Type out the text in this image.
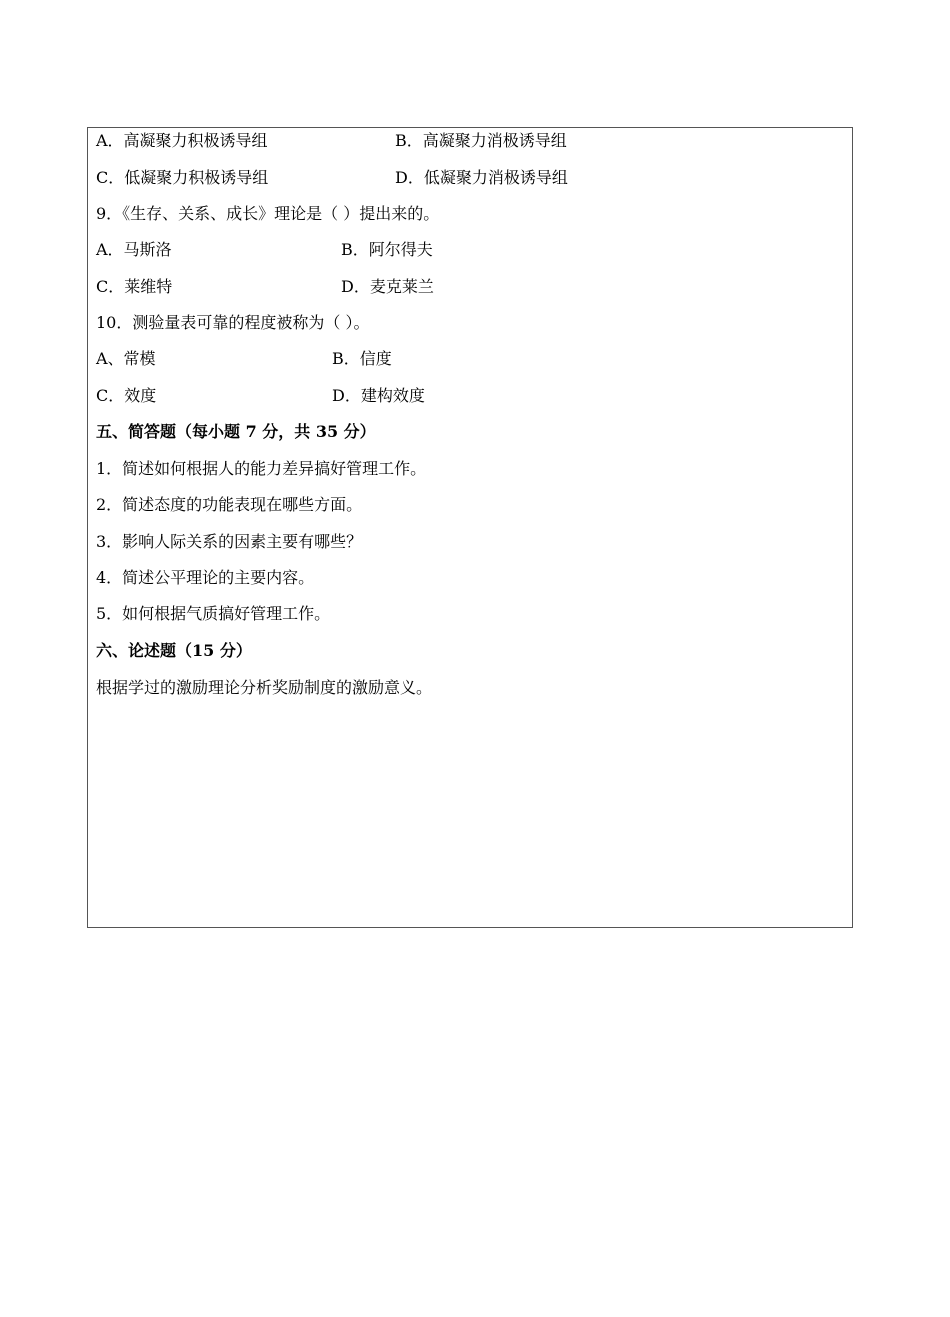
A．高凝聚力积极诱导组	B．高凝聚力消极诱导组
C．低凝聚力积极诱导组	D．低凝聚力消极诱导组
9．《生存、关系、成长》理论是（ ）提出来的。
A．马斯洛	B．阿尔得夫
C．莱维特	D．麦克莱兰
10．测验量表可靠的程度被称为（ ）。
A、常模	B．信度
C．效度	D．建构效度
五、简答题（每小题 7 分，共 35 分）
1．简述如何根据人的能力差异搞好管理工作。
2．简述态度的功能表现在哪些方面。
3．影响人际关系的因素主要有哪些？
4．简述公平理论的主要内容。
5．如何根据气质搞好管理工作。
六、论述题（15 分）
根据学过的激励理论分析奖励制度的激励意义。
